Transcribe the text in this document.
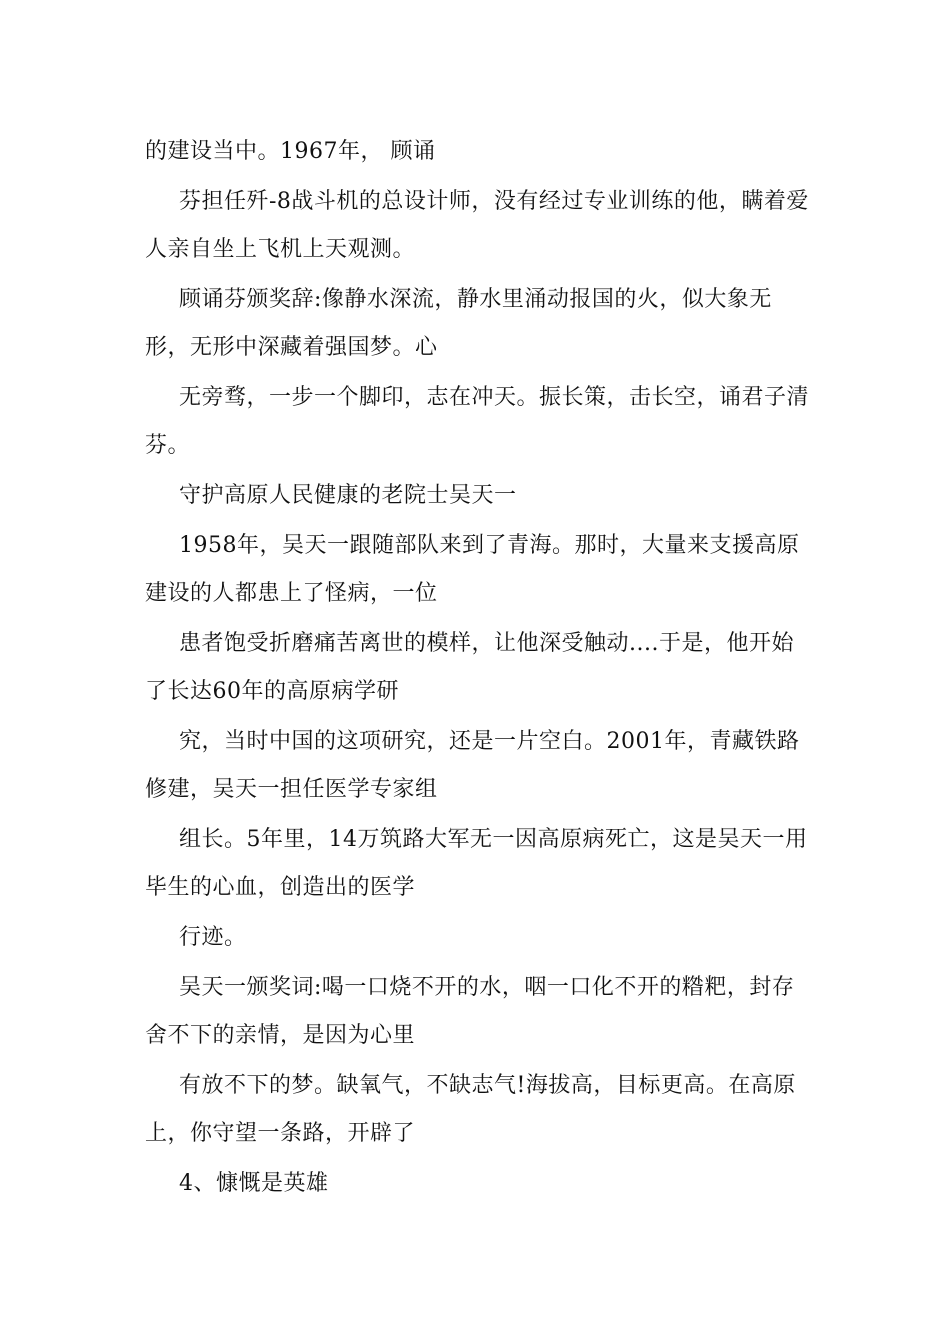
的建设当中。1967年， 顾诵

芬担任歼-8战斗机的总设计师，没有经过专业训练的他，瞒着爱人亲自坐上飞机上天观测。

顾诵芬颁奖辞:像静水深流，静水里涌动报国的火，似大象无形，无形中深藏着强国梦。心

无旁骛，一步一个脚印，志在冲天。振长策，击长空，诵君子清芬。

守护高原人民健康的老院士吴天一

1958年，吴天一跟随部队来到了青海。那时，大量来支援高原建设的人都患上了怪病，一位

患者饱受折磨痛苦离世的模样，让他深受触动....于是，他开始了长达60年的高原病学研

究，当时中国的这项研究，还是一片空白。2001年，青藏铁路修建，吴天一担任医学专家组

组长。5年里，14万筑路大军无一因高原病死亡，这是吴天一用毕生的心血，创造出的医学

行迹。

吴天一颁奖词:喝一口烧不开的水，咽一口化不开的糌粑，封存舍不下的亲情，是因为心里

有放不下的梦。缺氧气，不缺志气!海拔高，目标更高。在高原上，你守望一条路，开辟了

4、慷慨是英雄
